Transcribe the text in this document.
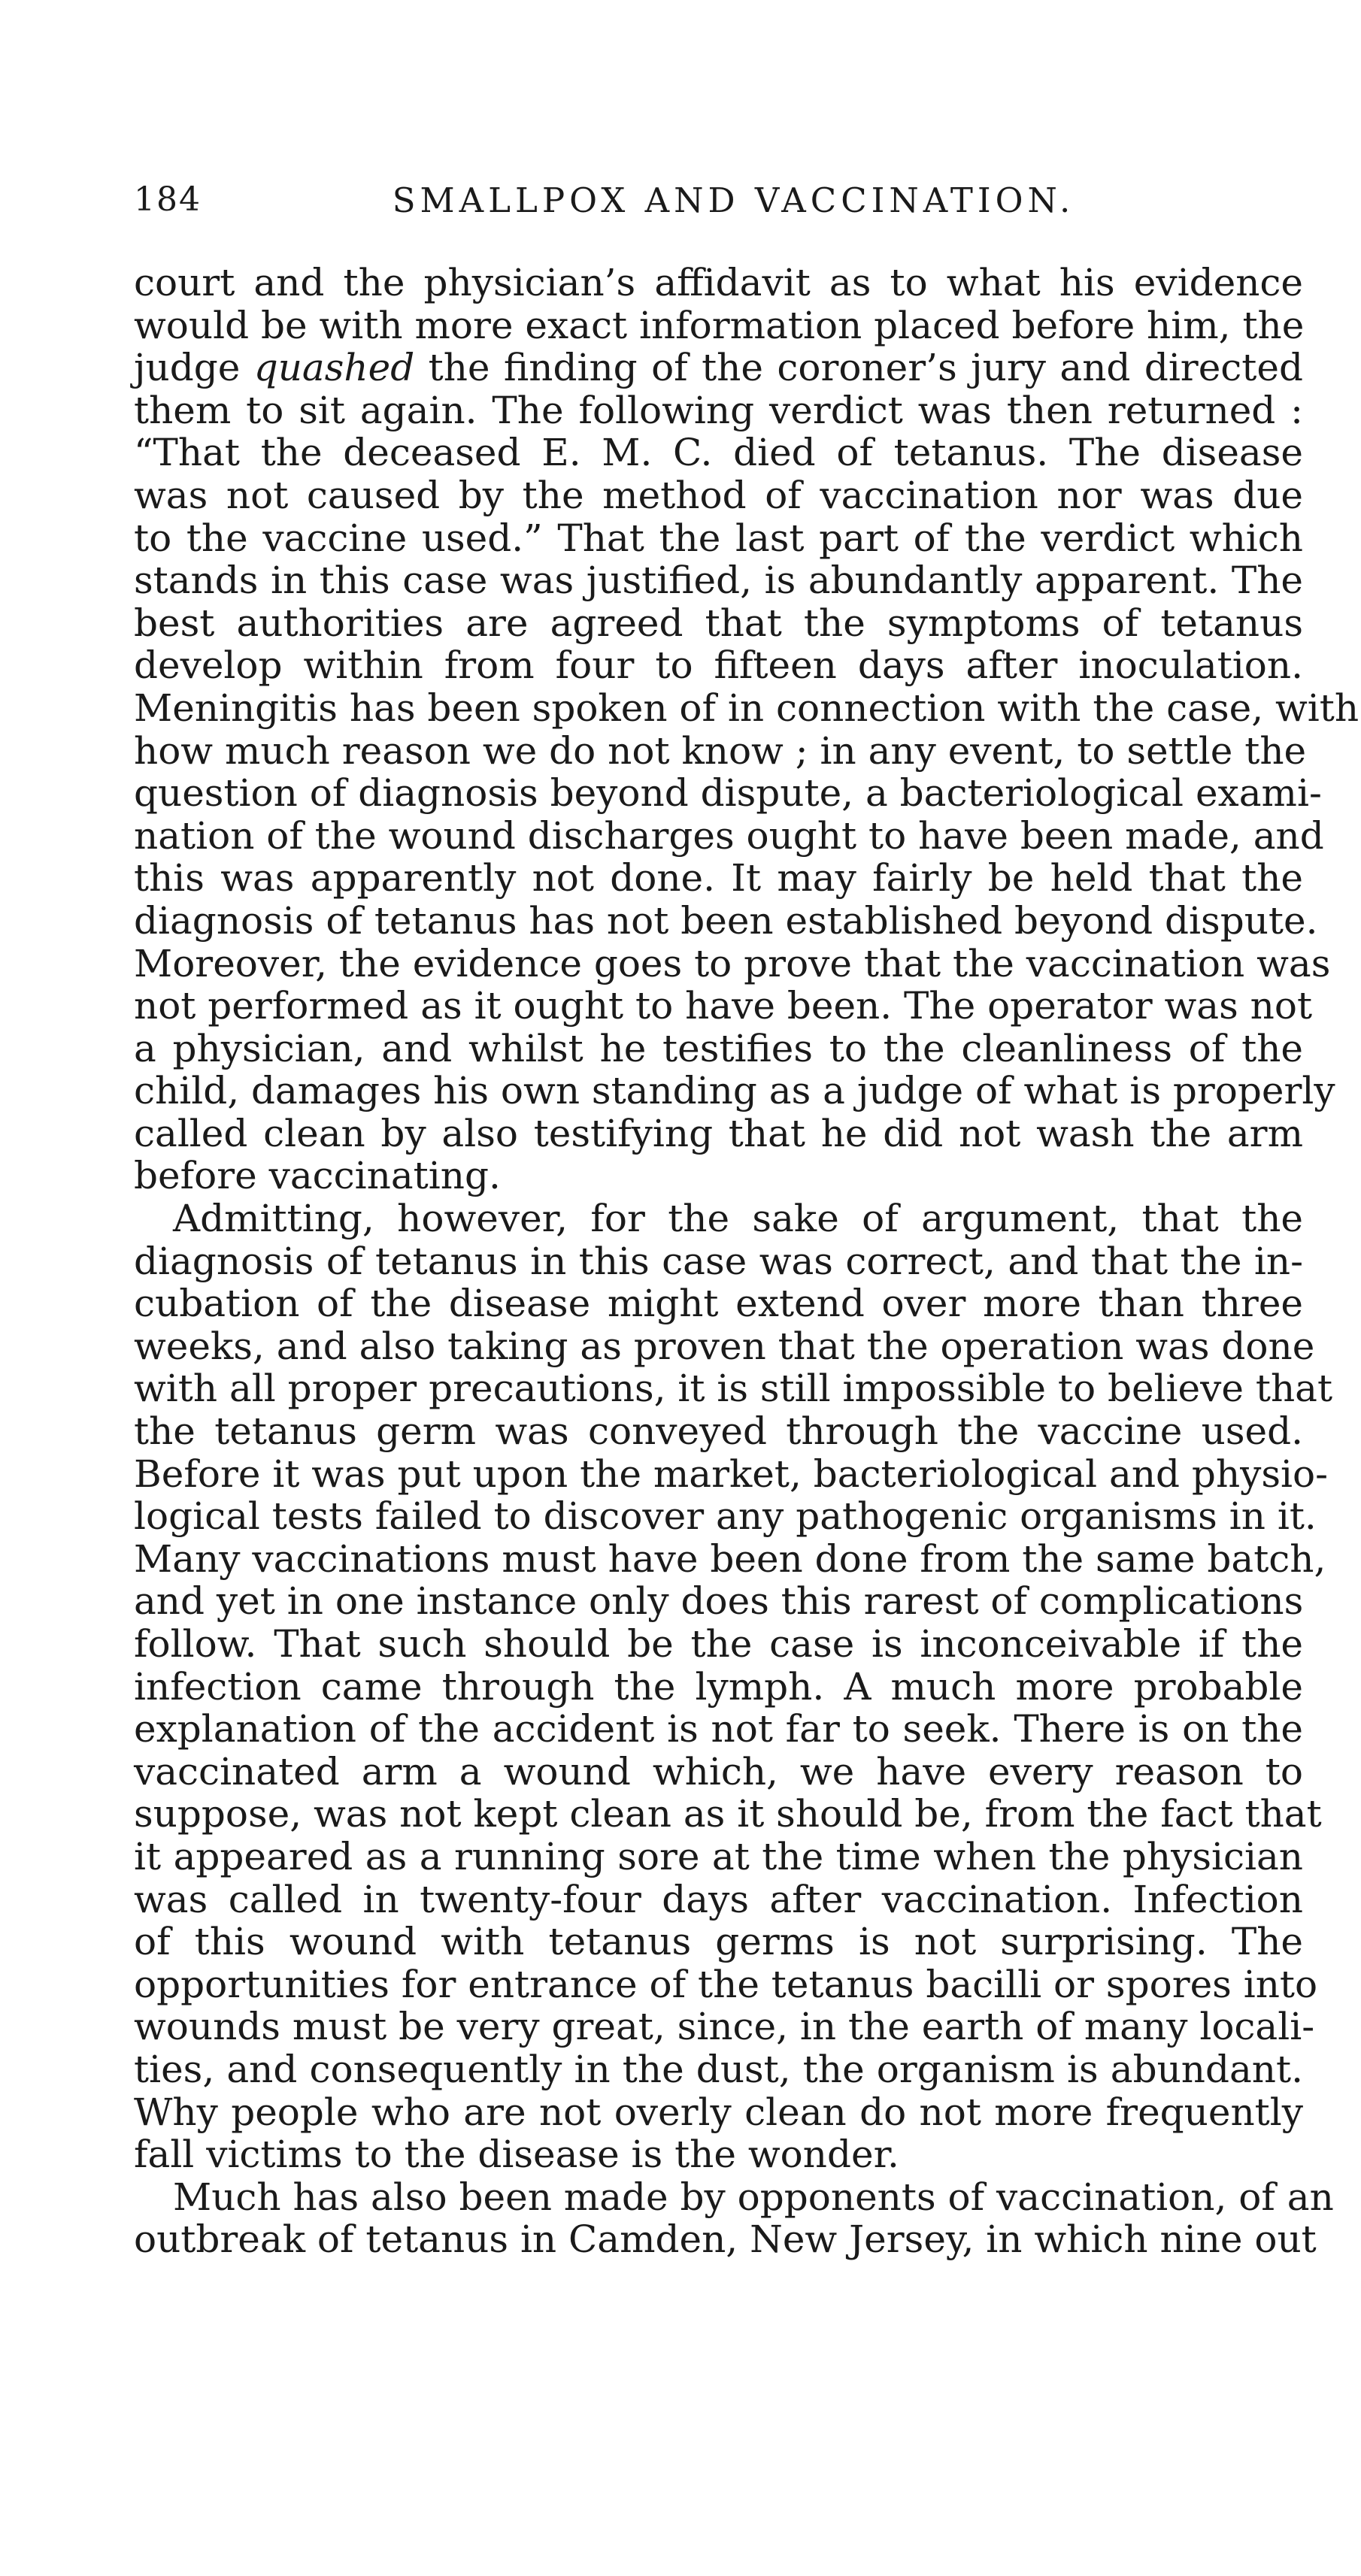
184	SMALLPOX AND VACCINATION.
court and the physician’s affidavit as to what his evidence
would be with more exact information placed before him, the
judge quashed the finding of the coroner’s jury and directed
them to sit again. The following verdict was then returned :
“That the deceased E. M. C. died of tetanus. The disease
was not caused by the method of vaccination nor was due
to the vaccine used.” That the last part of the verdict which
stands in this case was justified, is abundantly apparent. The
best authorities are agreed that the symptoms of tetanus
develop within from four to fifteen days after inoculation.
Meningitis has been spoken of in connection with the case, with
how much reason we do not know ; in any event, to settle the
question of diagnosis beyond dispute, a bacteriological exami-
nation of the wound discharges ought to have been made, and
this was apparently not done. It may fairly be held that the
diagnosis of tetanus has not been established beyond dispute.
Moreover, the evidence goes to prove that the vaccination was
not performed as it ought to have been. The operator was not
a physician, and whilst he testifies to the cleanliness of the
child, damages his own standing as a judge of what is properly
called clean by also testifying that he did not wash the arm
before vaccinating.
Admitting, however, for the sake of argument, that the
diagnosis of tetanus in this case was correct, and that the in-
cubation of the disease might extend over more than three
weeks, and also taking as proven that the operation was done
with all proper precautions, it is still impossible to believe that
the tetanus germ was conveyed through the vaccine used.
Before it was put upon the market, bacteriological and physio-
logical tests failed to discover any pathogenic organisms in it.
Many vaccinations must have been done from the same batch,
and yet in one instance only does this rarest of complications
follow. That such should be the case is inconceivable if the
infection came through the lymph. A much more probable
explanation of the accident is not far to seek. There is on the
vaccinated arm a wound which, we have every reason to
suppose, was not kept clean as it should be, from the fact that
it appeared as a running sore at the time when the physician
was called in twenty-four days after vaccination. Infection
of this wound with tetanus germs is not surprising. The
opportunities for entrance of the tetanus bacilli or spores into
wounds must be very great, since, in the earth of many locali-
ties, and consequently in the dust, the organism is abundant.
Why people who are not overly clean do not more frequently
fall victims to the disease is the wonder.
Much has also been made by opponents of vaccination, of an
outbreak of tetanus in Camden, New Jersey, in which nine out
